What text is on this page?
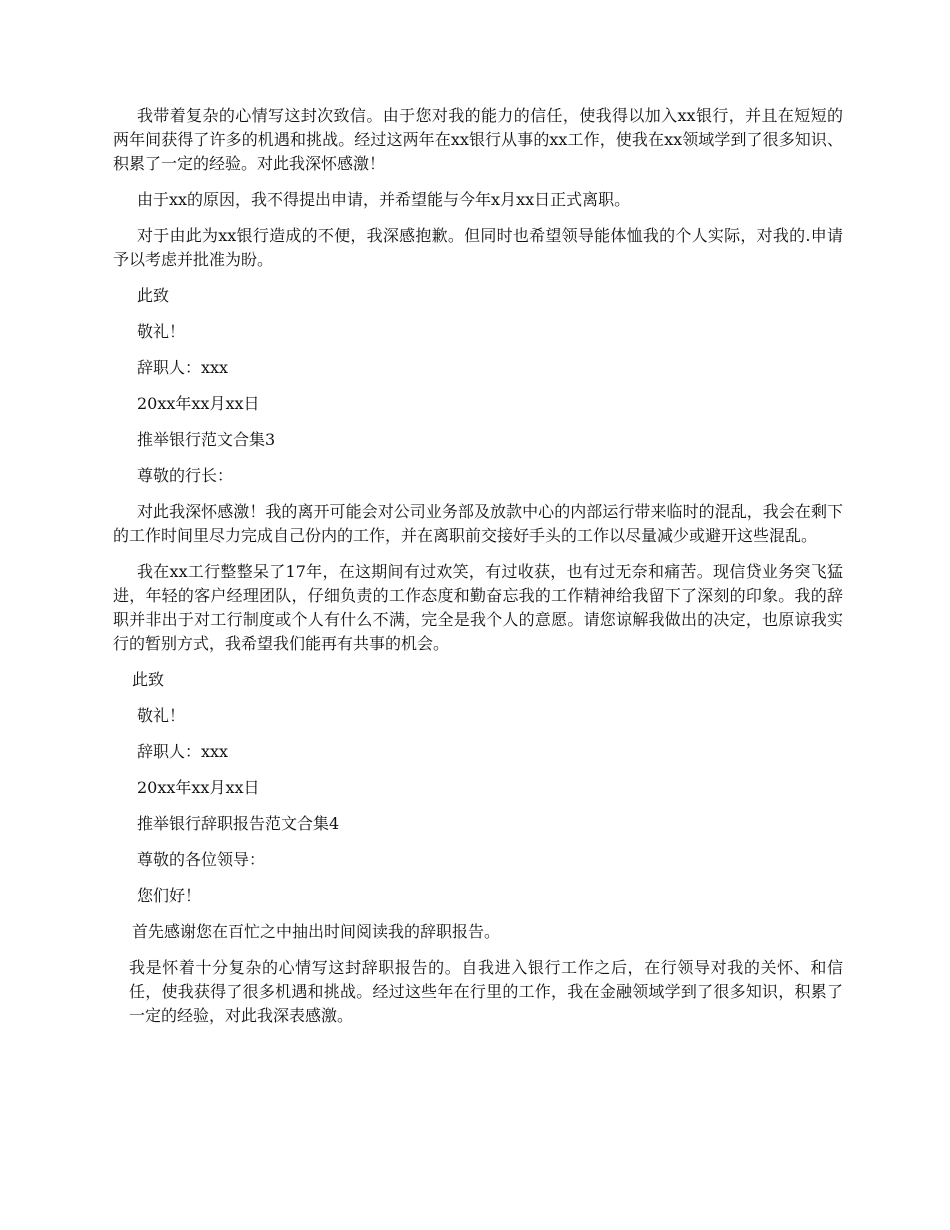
我带着复杂的心情写这封次致信。由于您对我的能力的信任，使我得以加入xx银行，并且在短短的两年间获得了许多的机遇和挑战。经过这两年在xx银行从事的xx工作，使我在xx领域学到了很多知识、积累了一定的经验。对此我深怀感激！

由于xx的原因，我不得提出申请，并希望能与今年x月xx日正式离职。

对于由此为xx银行造成的不便，我深感抱歉。但同时也希望领导能体恤我的个人实际，对我的.申请予以考虑并批准为盼。

此致

敬礼！

辞职人：xxx

20xx年xx月xx日

推举银行范文合集3

尊敬的行长：

对此我深怀感激！我的离开可能会对公司业务部及放款中心的内部运行带来临时的混乱，我会在剩下的工作时间里尽力完成自己份内的工作，并在离职前交接好手头的工作以尽量减少或避开这些混乱。

我在xx工行整整呆了17年，在这期间有过欢笑，有过收获，也有过无奈和痛苦。现信贷业务突飞猛进，年轻的客户经理团队，仔细负责的工作态度和勤奋忘我的工作精神给我留下了深刻的印象。我的辞职并非出于对工行制度或个人有什么不满，完全是我个人的意愿。请您谅解我做出的决定，也原谅我实行的暂别方式，我希望我们能再有共事的机会。

此致

敬礼！

辞职人：xxx

20xx年xx月xx日

推举银行辞职报告范文合集4

尊敬的各位领导：

您们好！

首先感谢您在百忙之中抽出时间阅读我的辞职报告。

我是怀着十分复杂的心情写这封辞职报告的。自我进入银行工作之后，在行领导对我的关怀、和信任，使我获得了很多机遇和挑战。经过这些年在行里的工作，我在金融领域学到了很多知识，积累了一定的经验，对此我深表感激。
